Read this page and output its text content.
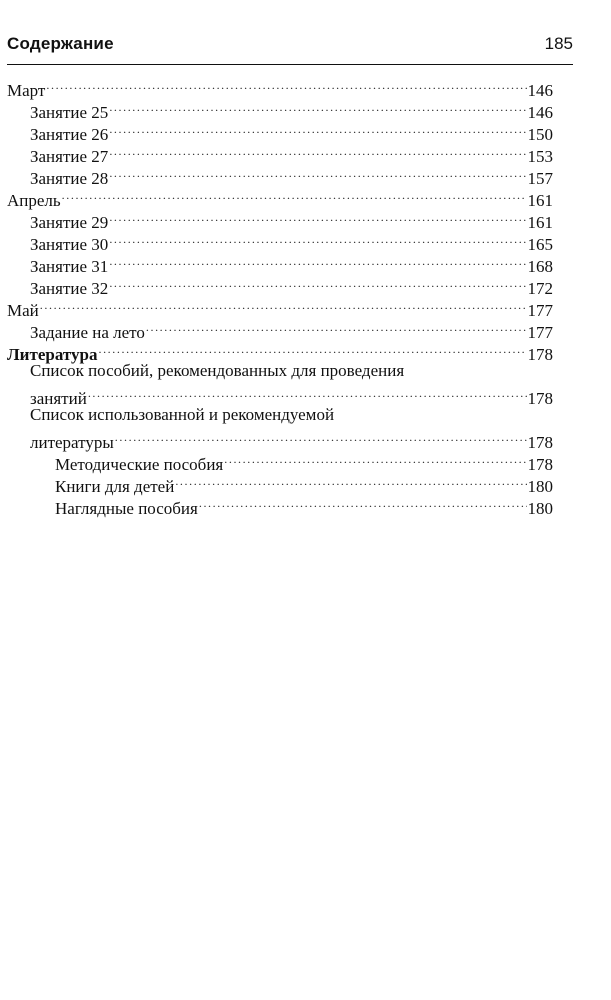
Содержание	185
Март .....	146
Занятие 25 .....	146
Занятие 26 .....	150
Занятие 27 .....	153
Занятие 28 .....	157
Апрель .....	161
Занятие 29 .....	161
Занятие 30 .....	165
Занятие 31 .....	168
Занятие 32 .....	172
Май .....	177
Задание на лето .....	177
Литература .....	178
Список пособий, рекомендованных для проведения
занятий .....	178
Список использованной и рекомендуемой
литературы .....	178
Методические пособия .....	178
Книги для детей .....	180
Наглядные пособия .....	180
